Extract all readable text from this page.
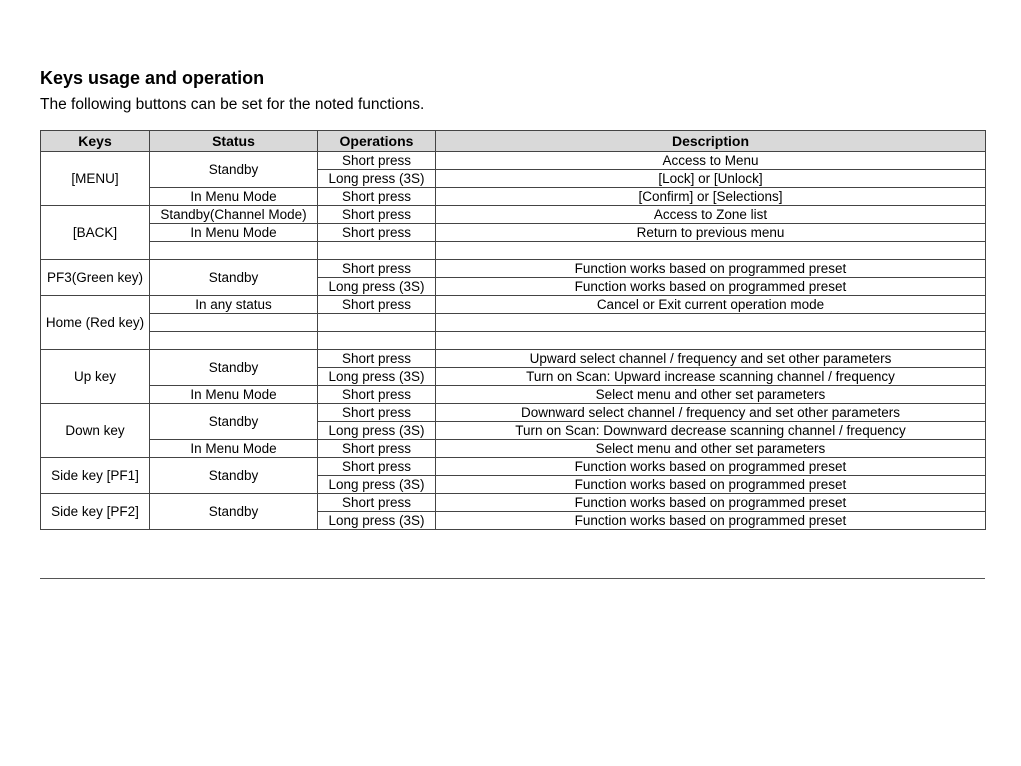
Keys usage and operation

The following buttons can be set for the noted functions.

Keys	Status	Operations	Description
[MENU]	Standby	Short press	Access to Menu
		Long press (3S)	[Lock] or [Unlock]
	In Menu Mode	Short press	[Confirm] or [Selections]
[BACK]	Standby(Channel Mode)	Short press	Access to Zone list
	In Menu Mode	Short press	Return to previous menu

PF3(Green key)	Standby	Short press	Function works based on programmed preset
		Long press (3S)	Function works based on programmed preset
Home (Red key)	In any status	Short press	Cancel or Exit current operation mode

Up key	Standby	Short press	Upward select channel / frequency and set other parameters
		Long press (3S)	Turn on Scan: Upward increase scanning channel / frequency
	In Menu Mode	Short press	Select menu and other set parameters
Down key	Standby	Short press	Downward select channel / frequency and set other parameters
		Long press (3S)	Turn on Scan: Downward decrease scanning channel / frequency
	In Menu Mode	Short press	Select menu and other set parameters
Side key [PF1]	Standby	Short press	Function works based on programmed preset
		Long press (3S)	Function works based on programmed preset
Side key [PF2]	Standby	Short press	Function works based on programmed preset
		Long press (3S)	Function works based on programmed preset
